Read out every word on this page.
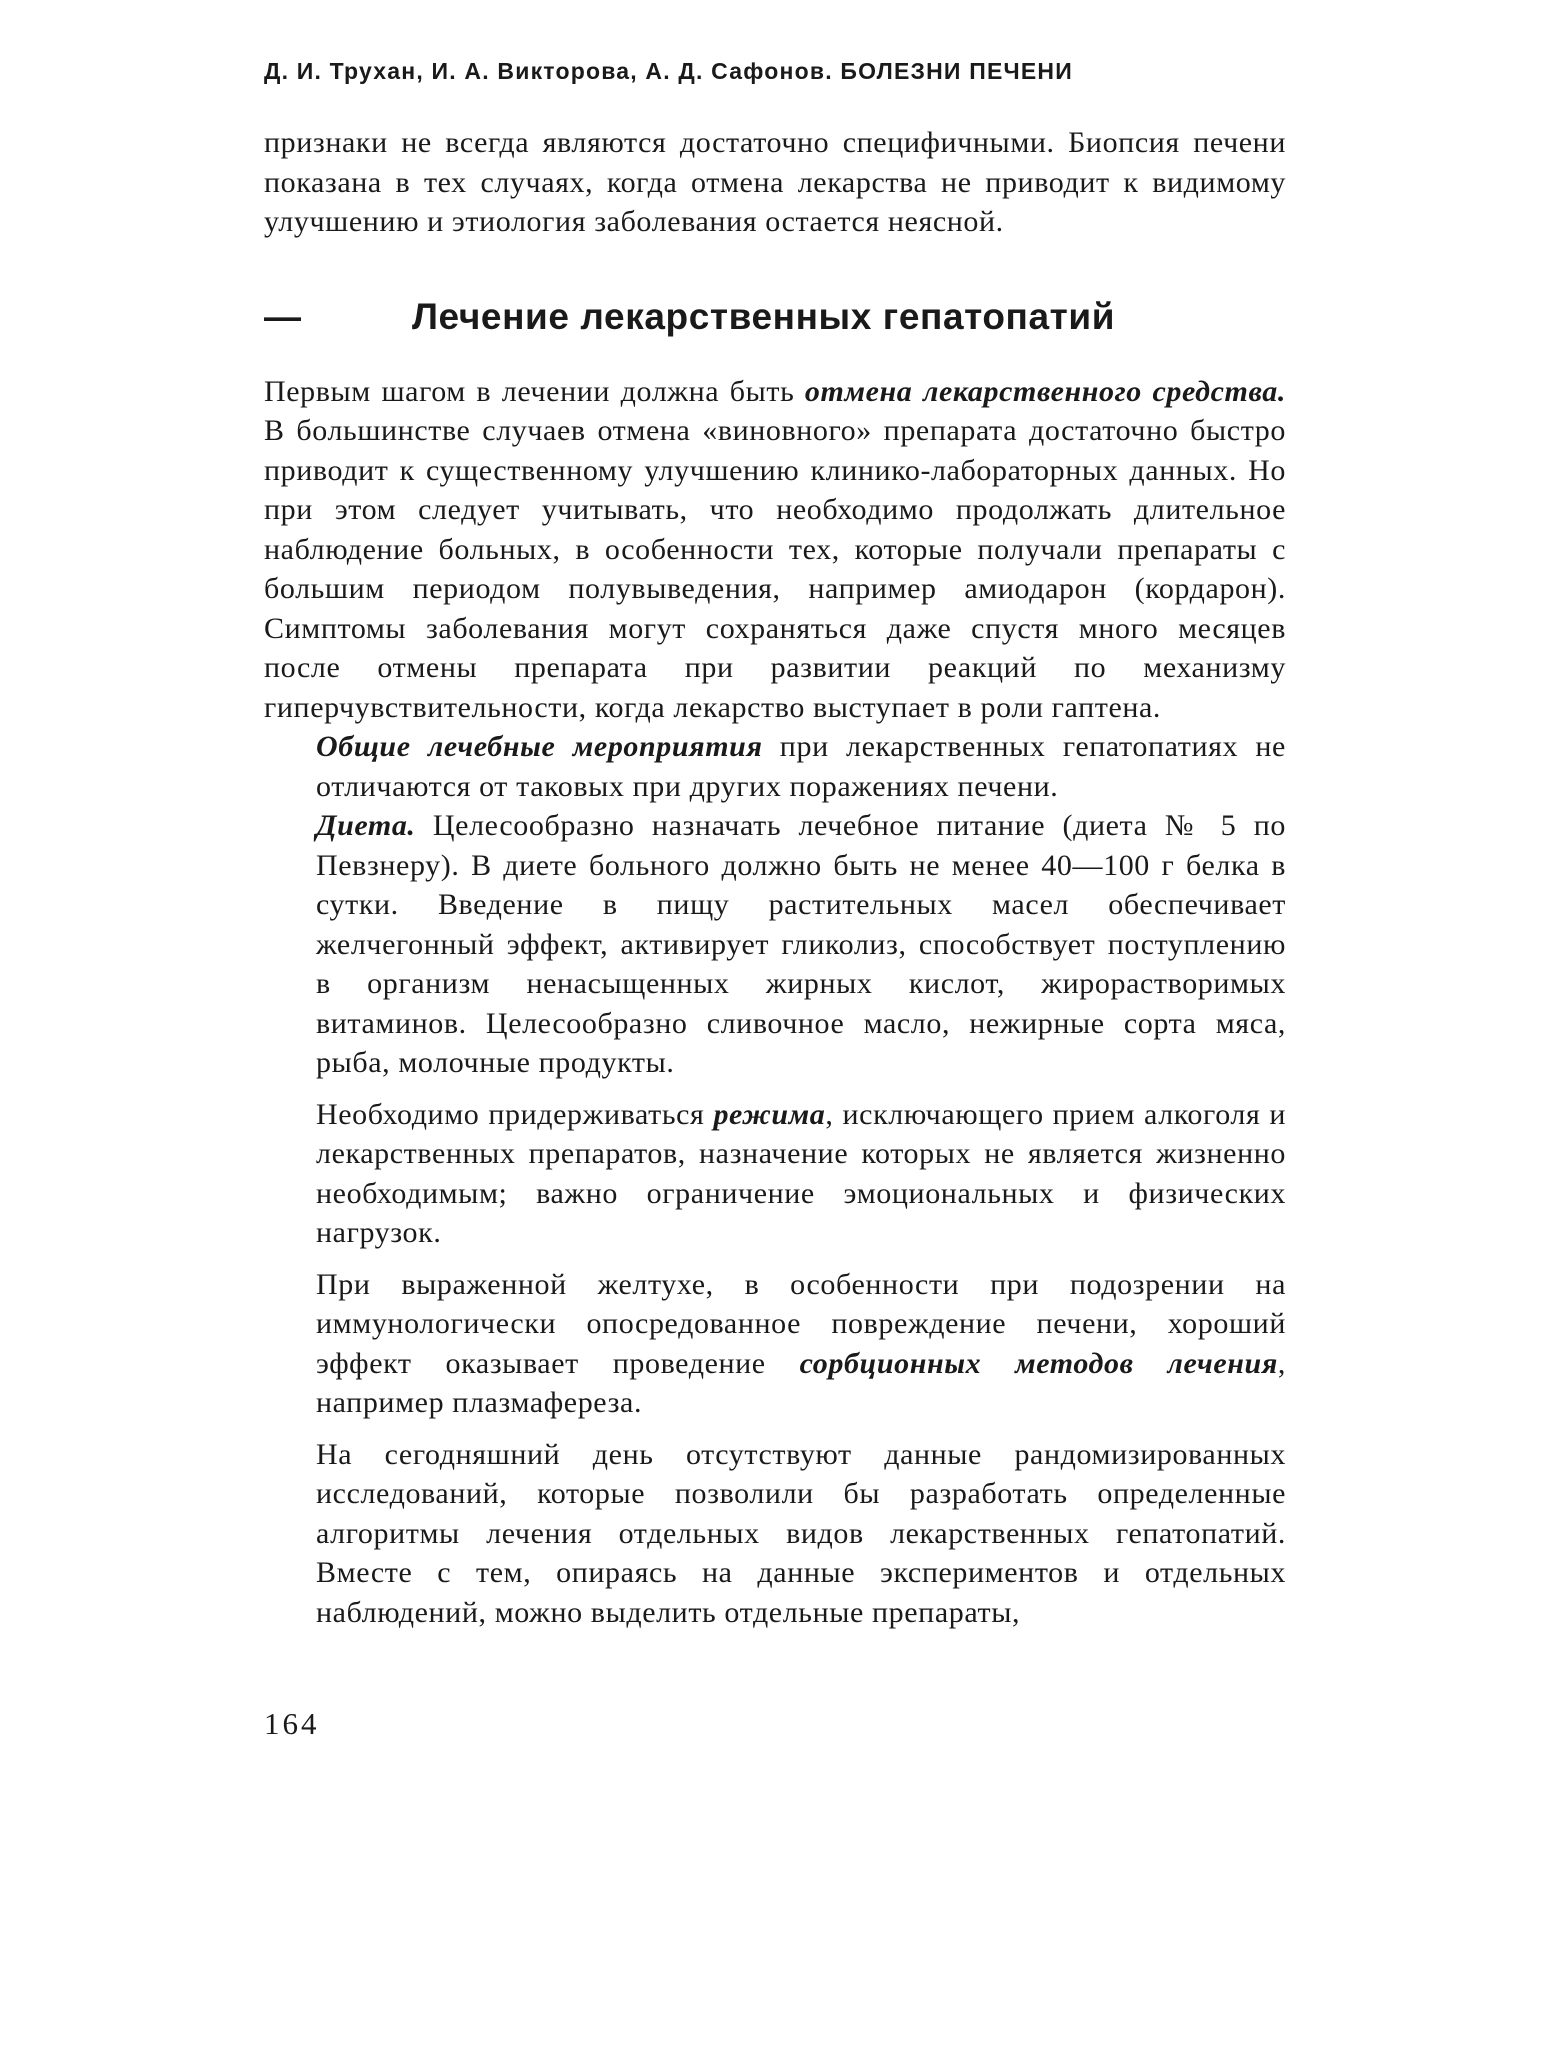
Д. И. Трухан, И. А. Викторова, А. Д. Сафонов. БОЛЕЗНИ ПЕЧЕНИ

признаки не всегда являются достаточно специфичными. Биопсия печени показана в тех случаях, когда отмена лекарства не приводит к видимому улучшению и этиология заболевания остается неясной.

—	Лечение лекарственных гепатопатий

Первым шагом в лечении должна быть отмена лекарственного средства. В большинстве случаев отмена «виновного» препарата достаточно быстро приводит к существенному улучшению клинико-лабораторных данных. Но при этом следует учитывать, что необходимо продолжать длительное наблюдение больных, в особенности тех, которые получали препараты с большим периодом полувыведения, например амиодарон (кордарон). Симптомы заболевания могут сохраняться даже спустя много месяцев после отмены препарата при развитии реакций по механизму гиперчувствительности, когда лекарство выступает в роли гаптена.

Общие лечебные мероприятия при лекарственных гепатопатиях не отличаются от таковых при других поражениях печени.

Диета. Целесообразно назначать лечебное питание (диета № 5 по Певзнеру). В диете больного должно быть не менее 40—100 г белка в сутки. Введение в пищу растительных масел обеспечивает желчегонный эффект, активирует гликолиз, способствует поступлению в организм ненасыщенных жирных кислот, жирорастворимых витаминов. Целесообразно сливочное масло, нежирные сорта мяса, рыба, молочные продукты.

Необходимо придерживаться режима, исключающего прием алкоголя и лекарственных препаратов, назначение которых не является жизненно необходимым; важно ограничение эмоциональных и физических нагрузок.

При выраженной желтухе, в особенности при подозрении на иммунологически опосредованное повреждение печени, хороший эффект оказывает проведение сорбционных методов лечения, например плазмафереза.

На сегодняшний день отсутствуют данные рандомизированных исследований, которые позволили бы разработать определенные алгоритмы лечения отдельных видов лекарственных гепатопатий. Вместе с тем, опираясь на данные экспериментов и отдельных наблюдений, можно выделить отдельные препараты,

164
